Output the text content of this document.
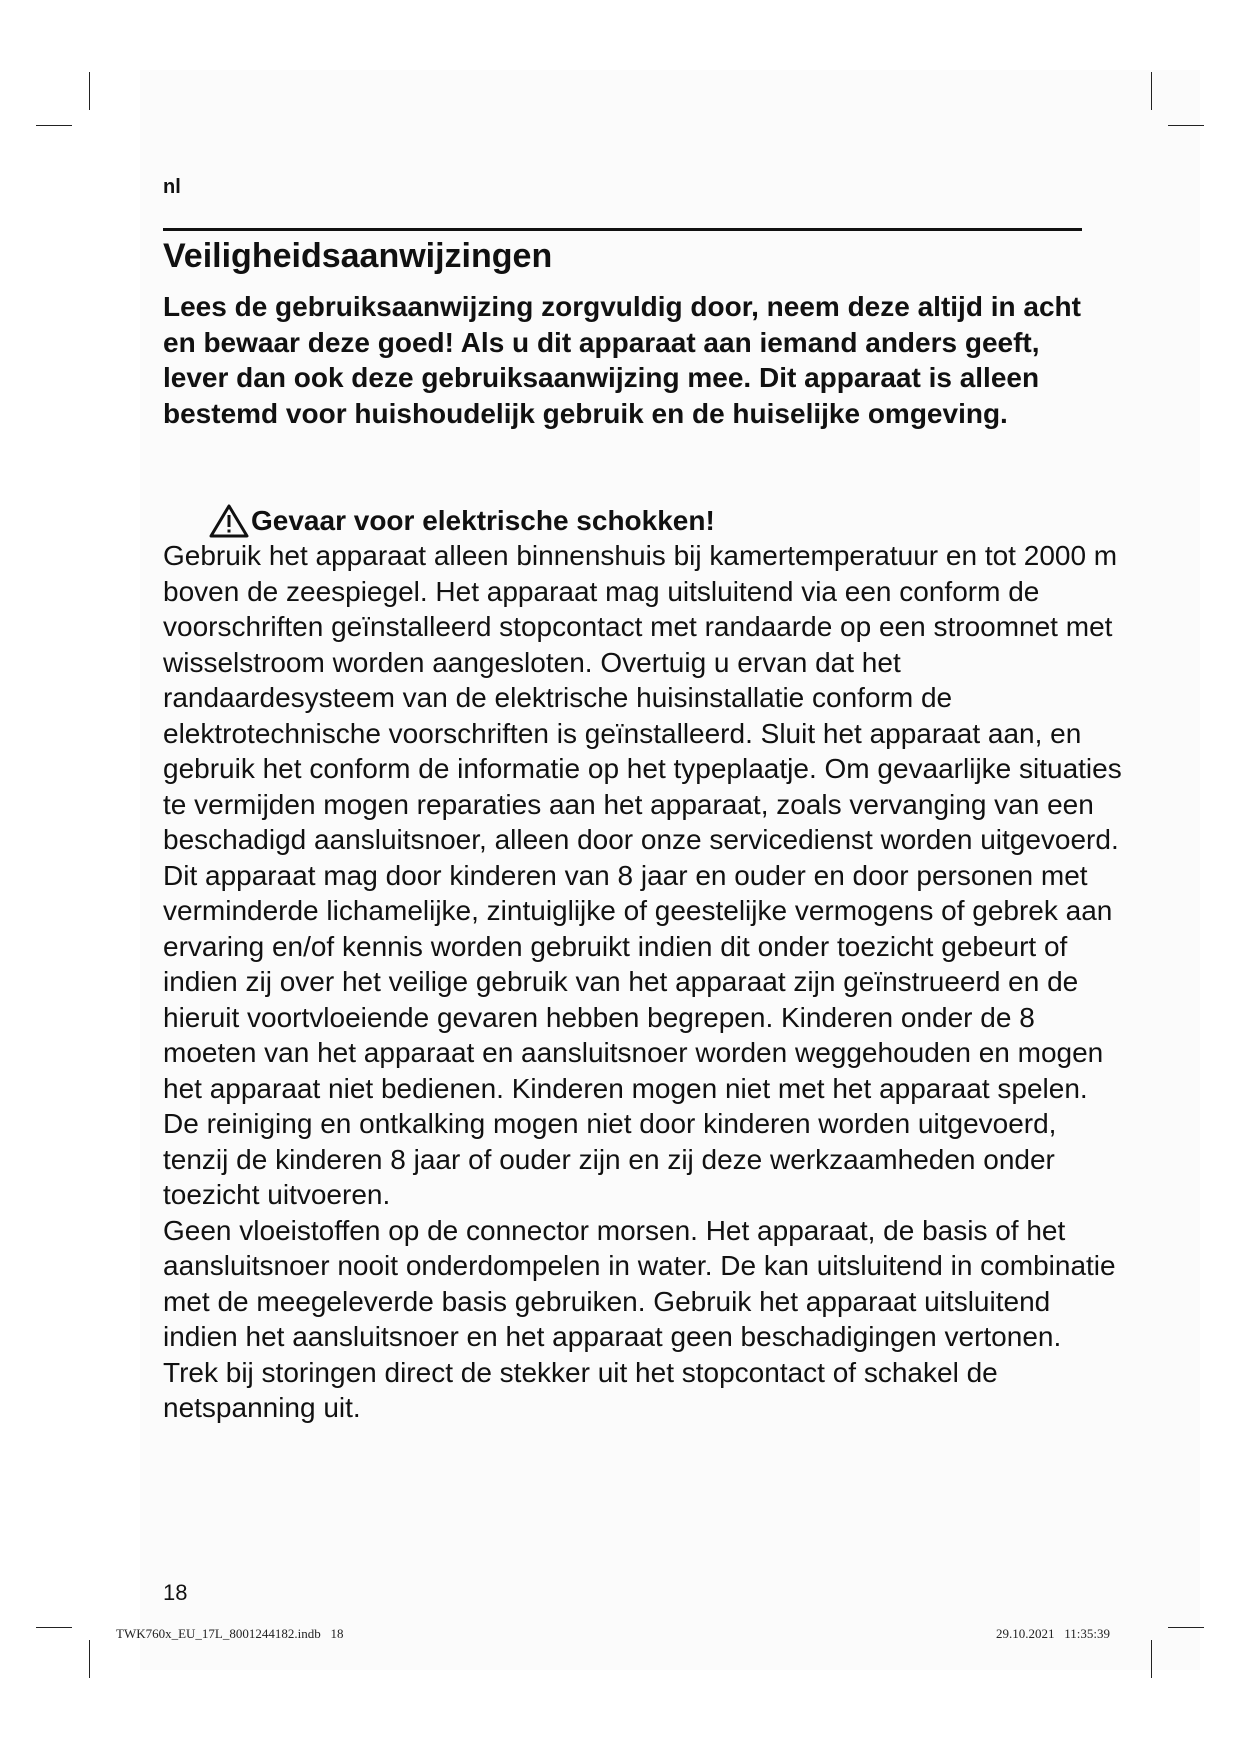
nl
Veiligheidsaanwijzingen
Lees de gebruiksaanwijzing zorgvuldig door, neem deze altijd in acht en bewaar deze goed! Als u dit apparaat aan iemand anders geeft, lever dan ook deze gebruiksaanwijzing mee. Dit apparaat is alleen bestemd voor huishoudelijk gebruik en de huiselijke omgeving.
Gevaar voor elektrische schokken!

Gebruik het apparaat alleen binnenshuis bij kamertemperatuur en tot 2000 m boven de zeespiegel. Het apparaat mag uitsluitend via een conform de voorschriften geïnstalleerd stopcontact met randaarde op een stroomnet met wisselstroom worden aangesloten. Overtuig u ervan dat het randaardesysteem van de elektrische huisinstallatie conform de elektrotechnische voorschriften is geïnstalleerd. Sluit het apparaat aan, en gebruik het conform de informatie op het typeplaatje. Om gevaarlijke situaties te vermijden mogen reparaties aan het apparaat, zoals vervanging van een beschadigd aansluitsnoer, alleen door onze servicedienst worden uitgevoerd.

Dit apparaat mag door kinderen van 8 jaar en ouder en door personen met verminderde lichamelijke, zintuiglijke of geestelijke vermogens of gebrek aan ervaring en/of kennis worden gebruikt indien dit onder toezicht gebeurt of indien zij over het veilige gebruik van het apparaat zijn geïnstrueerd en de hieruit voortvloeiende gevaren hebben begrepen. Kinderen onder de 8 moeten van het apparaat en aansluitsnoer worden weggehouden en mogen het apparaat niet bedienen. Kinderen mogen niet met het apparaat spelen.

De reiniging en ontkalking mogen niet door kinderen worden uitgevoerd, tenzij de kinderen 8 jaar of ouder zijn en zij deze werkzaamheden onder toezicht uitvoeren.

Geen vloeistoffen op de connector morsen. Het apparaat, de basis of het aansluitsnoer nooit onderdompelen in water. De kan uitsluitend in combinatie met de meegeleverde basis gebruiken. Gebruik het apparaat uitsluitend indien het aansluitsnoer en het apparaat geen beschadigingen vertonen. Trek bij storingen direct de stekker uit het stopcontact of schakel de netspanning uit.

18
TWK760x_EU_17L_8001244182.indb   18	29.10.2021   11:35:39
